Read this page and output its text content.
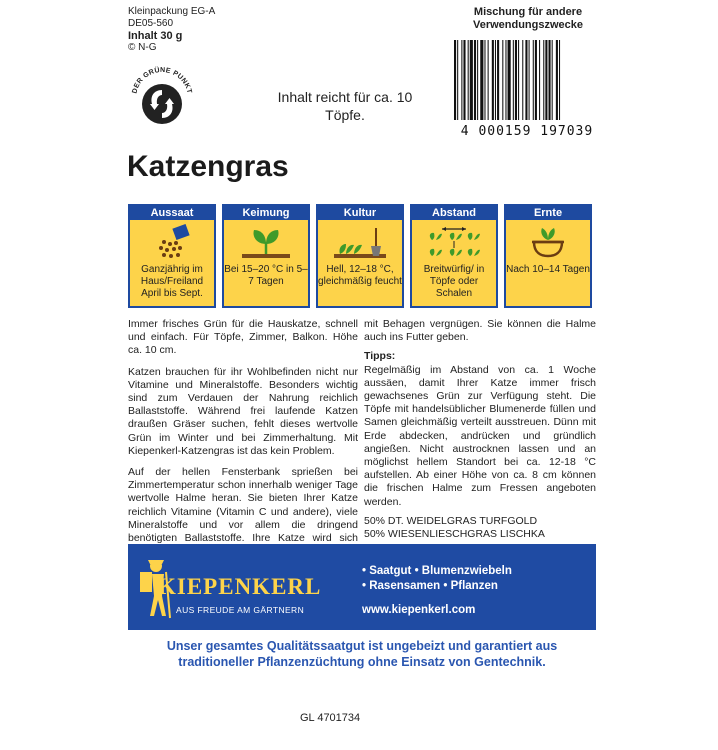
Kleinpackung EG-A
DE05-560
Inhalt 30 g
© N-G
DER GRÜNE PUNKT	Inhalt reicht für ca. 10 Töpfe.
Mischung für andere Verwendungszwecke
4 000159 197039
Katzengras
Aussaat
Ganzjährig im Haus/Freiland April bis Sept.
Keimung
Bei 15–20 °C in 5–7 Tagen
Kultur
Hell, 12–18 °C, gleichmäßig feucht
Abstand
Breitwürfig/ in Töpfe oder Schalen
Ernte
Nach 10–14 Tagen

Immer frisches Grün für die Hauskatze, schnell und einfach. Für Töpfe, Zimmer, Balkon. Höhe ca. 10 cm.

Katzen brauchen für ihr Wohlbefinden nicht nur Vitamine und Mineralstoffe. Besonders wichtig sind zum Verdauen der Nahrung reichlich Ballaststoffe. Während frei laufende Katzen draußen Gräser suchen, fehlt dieses wertvolle Grün im Winter und bei Zimmerhaltung. Mit Kiepenkerl-Katzengras ist das kein Problem.

Auf der hellen Fensterbank sprießen bei Zimmertemperatur schon innerhalb weniger Tage wertvolle Halme heran. Sie bieten Ihrer Katze reichlich Vitamine (Vitamin C und andere), viele Mineralstoffe und vor allem die dringend benötigten Ballaststoffe. Ihre Katze wird sich

mit Behagen vergnügen. Sie können die Halme auch ins Futter geben.

Tipps:

Regelmäßig im Abstand von ca. 1 Woche aussäen, damit Ihrer Katze immer frisch gewachsenes Grün zur Verfügung steht. Die Töpfe mit handelsüblicher Blumenerde füllen und Samen gleichmäßig verteilt ausstreuen. Dünn mit Erde abdecken, andrücken und gründlich angießen. Nicht austrocknen lassen und an möglichst hellem Standort bei ca. 12-18 °C aufstellen. Ab einer Höhe von ca. 8 cm können die frischen Halme zum Fressen angeboten werden.

50% DT. WEIDELGRAS TURFGOLD
50% WIESENLIESCHGRAS LISCHKA
KIEPENKERL
AUS FREUDE AM GÄRTNERN
• Saatgut • Blumenzwiebeln
• Rasensamen • Pflanzen
www.kiepenkerl.com
Unser gesamtes Qualitätssaatgut ist ungebeizt und garantiert aus traditioneller Pflanzenzüchtung ohne Einsatz von Gentechnik.
GL 4701734
